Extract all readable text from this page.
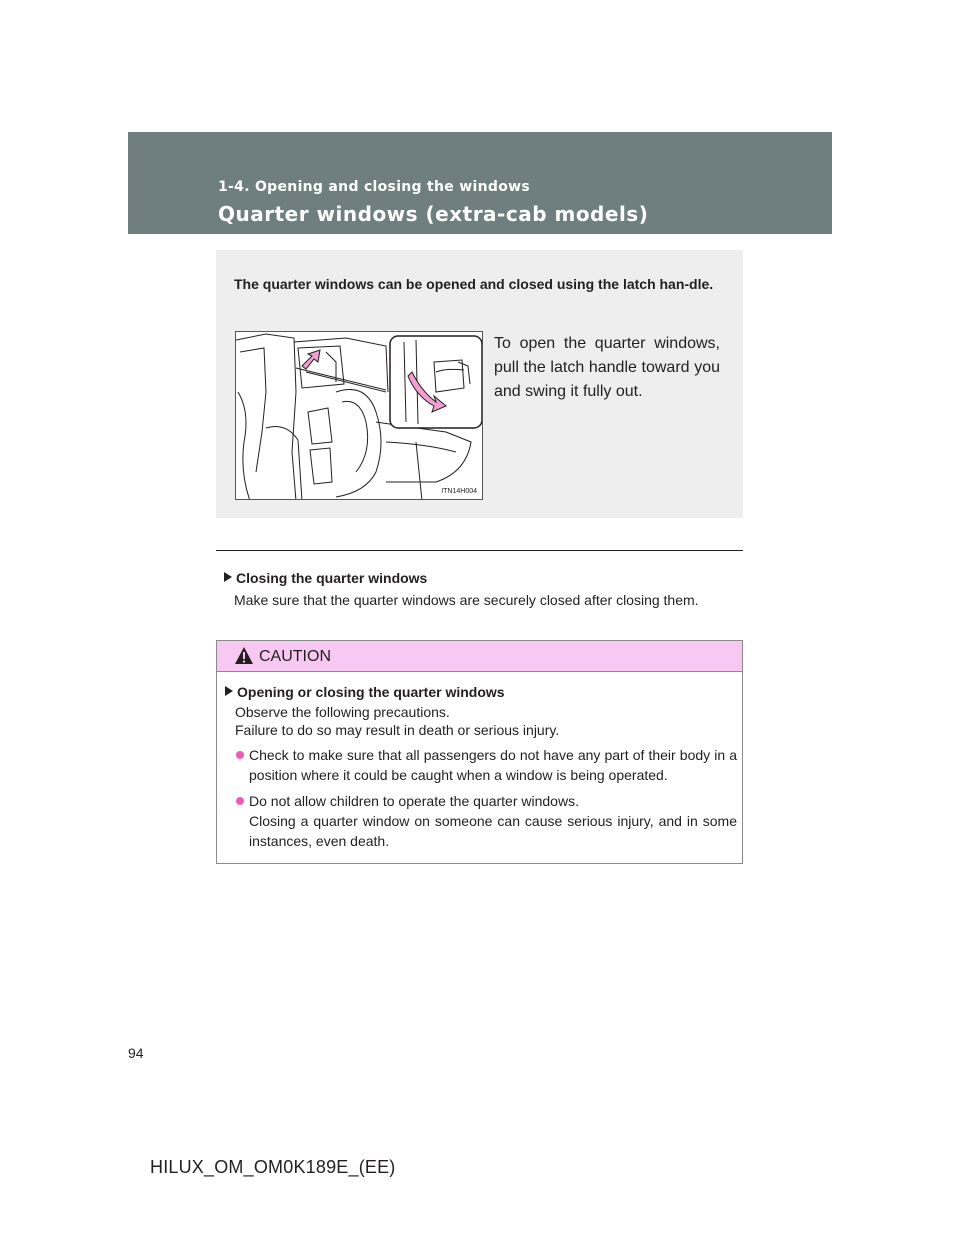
1-4. Opening and closing the windows
Quarter windows (extra-cab models)
The quarter windows can be opened and closed using the latch han-dle.
ITN14H004
To open the quarter windows, pull the latch handle toward you and swing it fully out.
Closing the quarter windows
Make sure that the quarter windows are securely closed after closing them.
CAUTION
Opening or closing the quarter windows
Observe the following precautions.
Failure to do so may result in death or serious injury.
Check to make sure that all passengers do not have any part of their body in a position where it could be caught when a window is being operated.
Do not allow children to operate the quarter windows.
Closing a quarter window on someone can cause serious injury, and in some instances, even death.
94
HILUX_OM_OM0K189E_(EE)
